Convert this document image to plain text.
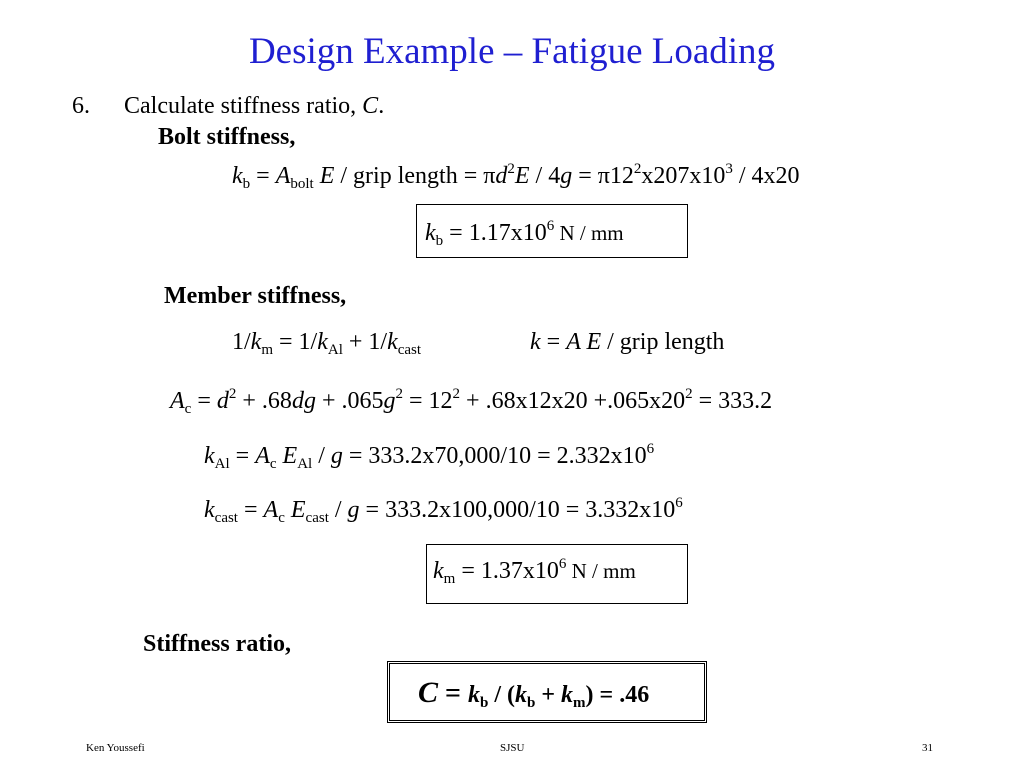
Design Example – Fatigue Loading
6. Calculate stiffness ratio, C.
Bolt stiffness,
$k_b = A_{bolt}$ E / grip length = $\pi d^2E / 4g = \pi 12^2x207x10^3 / 4x20$
$k_b = 1.17x10^6$ N / mm
Member stiffness,
$1/k_m = 1/k_{Al} + 1/k_{cast}$	k = A E / grip length
$A_c = d^2 + .68dg + .065g^2 = 12^2 + .68x12x20 +.065x20^2 = 333.2$
$k_{Al} = A_c$ $E_{Al} / g = 333.2x70,000/10 = 2.332x10^6$
$k_{cast} = A_c$ $E_{cast} / g = 333.2x100,000/10 = 3.332x10^6$
$k_m = 1.37x10^6$ N / mm
Stiffness ratio,
$C = k_b / (k_b + k_m) = .46$
Ken Youssefi	SJSU	31
